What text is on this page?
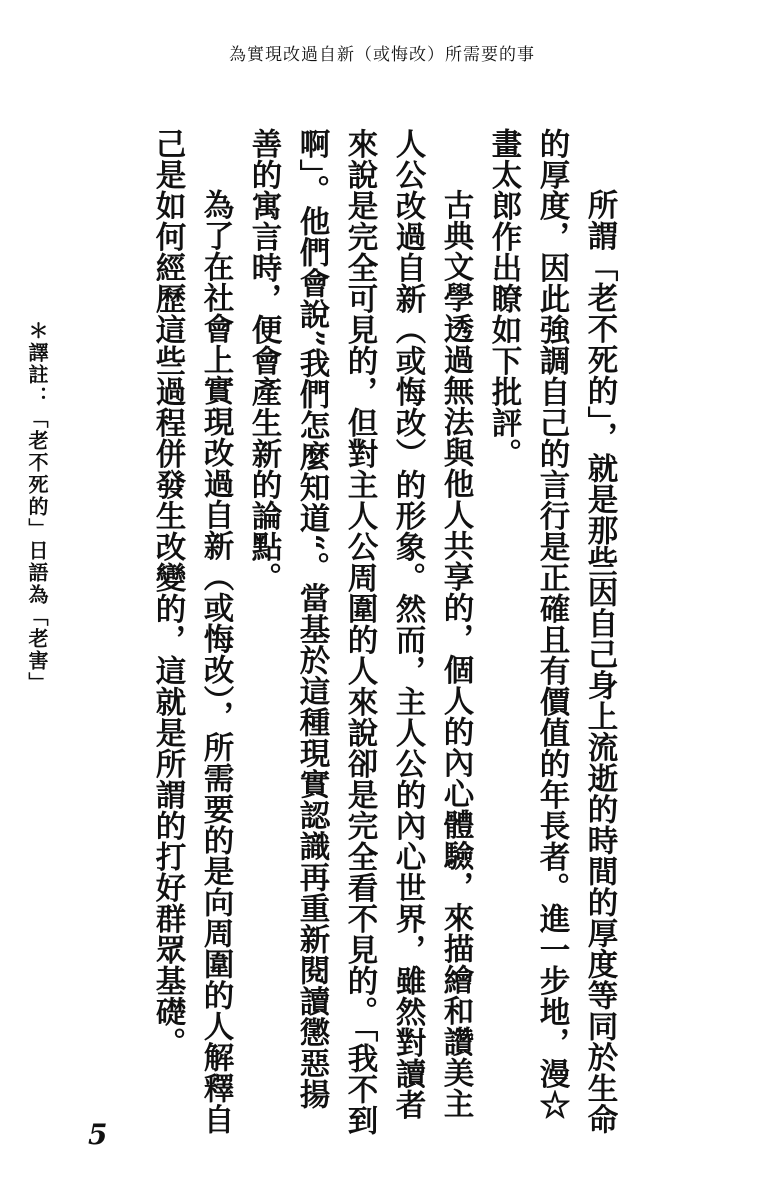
為實現改過自新（或悔改）所需要的事

所謂「老不死的」，就是那些因自己身上流逝的時間的厚度等同於生命的厚度，因此強調自己的言行是正確且有價值的年長者。進一步地，漫☆畫太郎作出瞭如下批評。

古典文學透過無法與他人共享的，個人的內心體驗，來描繪和讚美主人公改過自新（或悔改）的形象。然而，主人公的內心世界，雖然對讀者來說是完全可見的，但對主人公周圍的人來說卻是完全看不見的。「我不到啊」。他們會說”我們怎麼知道“。當基於這種現實認識再重新閱讀懲惡揚善的寓言時，便會產生新的論點。

為了在社會上實現改過自新（或悔改），所需要的是向周圍的人解釋自己是如何經歷這些過程併發生改變的，這就是所謂的打好群眾基礎。

＊譯註：「老不死的」日語為「老害」
5
